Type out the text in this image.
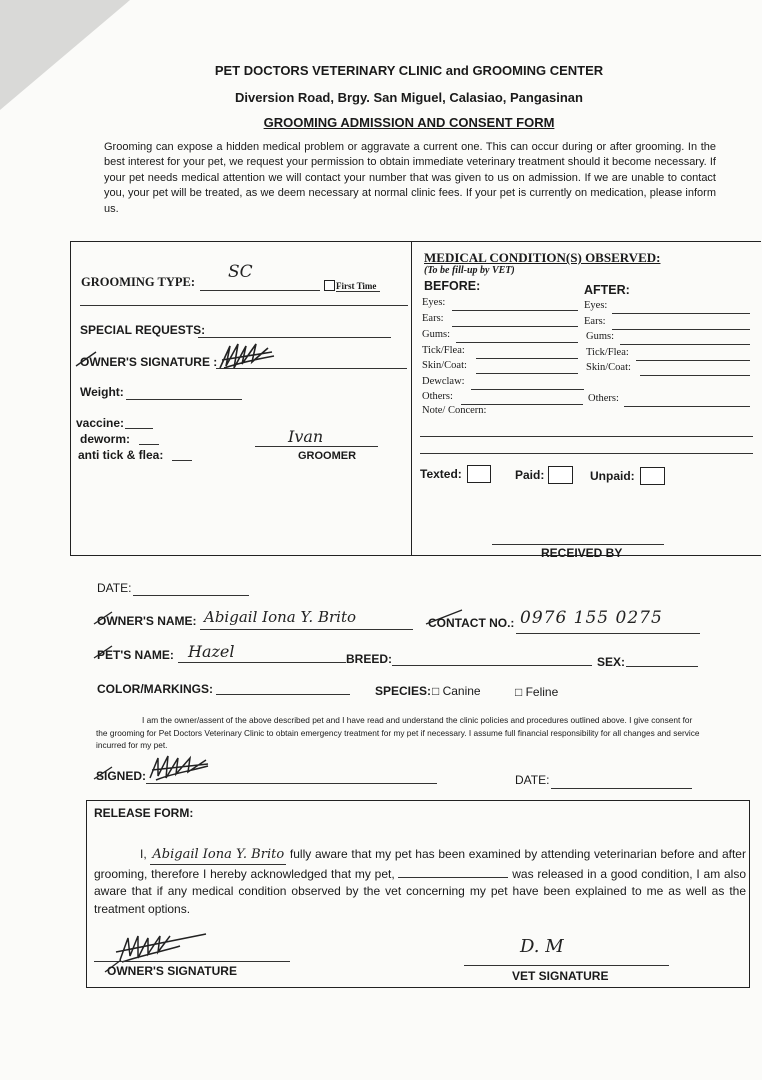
PET DOCTORS VETERINARY CLINIC and GROOMING CENTER
Diversion Road, Brgy. San Miguel, Calasiao, Pangasinan
GROOMING ADMISSION AND CONSENT FORM
Grooming can expose a hidden medical problem or aggravate a current one. This can occur during or after grooming. In the best interest for your pet, we request your permission to obtain immediate veterinary treatment should it become necessary. If your pet needs medical attention we will contact your number that was given to us on admission. If we are unable to contact you, your pet will be treated, as we deem necessary at normal clinic fees. If your pet is currently on medication, please inform us.
GROOMING TYPE: SC
First Time
SPECIAL REQUESTS:
OWNER'S SIGNATURE :
Weight:
vaccine:
deworm:
anti tick & flea:
Ivan
GROOMER
MEDICAL CONDITION(S) OBSERVED:
(To be fill-up by VET)
BEFORE:	AFTER:
Eyes:
Ears:
Gums:
Tick/Flea:
Skin/Coat:
Dewclaw:
Others:
Eyes:
Ears:
Gums:
Tick/Flea:
Skin/Coat:
Others:
Note/ Concern:
Texted:	Paid:	Unpaid:
RECEIVED BY
DATE:
OWNER'S NAME: Abigail Iona Y. Brito	CONTACT NO.: 0976 155 0275
PET'S NAME: Hazel	BREED:	SEX:
COLOR/MARKINGS:	SPECIES: □ Canine	□ Feline
I am the owner/assent of the above described pet and I have read and understand the clinic policies and procedures outlined above. I give consent for the grooming for Pet Doctors Veterinary Clinic to obtain emergency treatment for my pet if necessary. I assume full financial responsibility for all changes and service incurred for my pet.
SIGNED:	DATE:
RELEASE FORM:
I, Abigail Iona Y. Brito fully aware that my pet has been examined by attending veterinarian before and after grooming, therefore I hereby acknowledged that my pet,	was released in a good condition, I am also aware that if any medical condition observed by the vet concerning my pet have been explained to me as well as the treatment options.
OWNER'S SIGNATURE
D. M
VET SIGNATURE
